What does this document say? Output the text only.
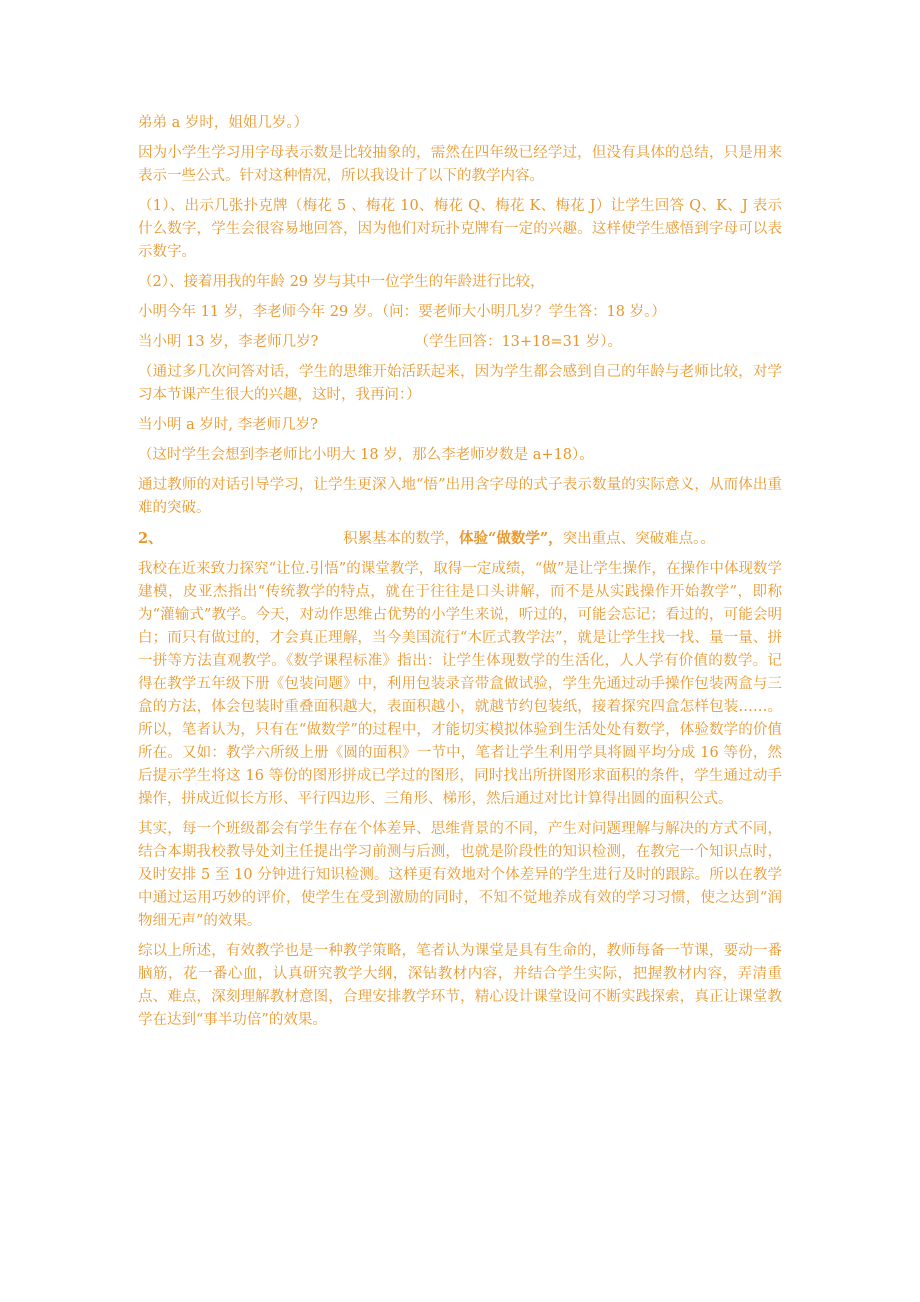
弟弟 a 岁时，姐姐几岁。）

因为小学生学习用字母表示数是比较抽象的，需然在四年级已经学过，但没有具体的总结，只是用来表示一些公式。针对这种情况，所以我设计了以下的教学内容。

（1）、出示几张扑克牌（梅花 5 、梅花 10、梅花 Q、梅花 K、梅花 J）让学生回答 Q、K、J 表示什么数字，学生会很容易地回答，因为他们对玩扑克牌有一定的兴趣。这样使学生感悟到字母可以表示数字。

（2）、接着用我的年龄 29 岁与其中一位学生的年龄进行比较，

小明今年 11 岁，李老师今年 29 岁。（问：要老师大小明几岁？学生答：18 岁。）

当小明 13 岁，李老师几岁?	（学生回答：13+18=31 岁）。

（通过多几次问答对话，学生的思维开始活跃起来，因为学生都会感到自己的年龄与老师比较，对学习本节课产生很大的兴趣，这时，我再问：）

当小明 a 岁时, 李老师几岁?

（这时学生会想到李老师比小明大 18 岁，那么李老师岁数是 a+18）。

通过教师的对话引导学习，让学生更深入地“悟”出用含字母的式子表示数量的实际意义，从而体出重难的突破。

2、	积累基本的数学，体验“做数学”，突出重点、突破难点。。

我校在近来致力探究“让位.引悟”的课堂教学，取得一定成绩，“做”是让学生操作，在操作中体现数学建模，皮亚杰指出“传统教学的特点，就在于往往是口头讲解，而不是从实践操作开始教学”，即称为“灌输式”教学。今天，对动作思维占优势的小学生来说，听过的，可能会忘记；看过的，可能会明白；而只有做过的，才会真正理解，当今美国流行“木匠式教学法”，就是让学生找一找、量一量、拼一拼等方法直观教学。《数学课程标准》指出：让学生体现数学的生活化，人人学有价值的数学。记得在教学五年级下册《包装问题》中，利用包装录音带盒做试验，学生先通过动手操作包装两盒与三盒的方法，体会包装时重叠面积越大，表面积越小，就越节约包装纸，接着探究四盒怎样包装……。所以，笔者认为，只有在“做数学”的过程中，才能切实模拟体验到生活处处有数学，体验数学的价值所在。又如：教学六所级上册《圆的面积》一节中，笔者让学生利用学具将圆平均分成 16 等份，然后提示学生将这 16 等份的图形拼成已学过的图形，同时找出所拼图形求面积的条件，学生通过动手操作，拼成近似长方形、平行四边形、三角形、梯形，然后通过对比计算得出圆的面积公式。

其实，每一个班级都会有学生存在个体差异、思维背景的不同，产生对问题理解与解决的方式不同，结合本期我校教导处刘主任提出学习前测与后测，也就是阶段性的知识检测，在教完一个知识点时，及时安排 5 至 10 分钟进行知识检测。这样更有效地对个体差异的学生进行及时的跟踪。所以在教学中通过运用巧妙的评价，使学生在受到激励的同时，不知不觉地养成有效的学习习惯，使之达到“润物细无声”的效果。

综以上所述，有效教学也是一种教学策略，笔者认为课堂是具有生命的，教师每备一节课，要动一番脑筋，花一番心血，认真研究教学大纲，深钻教材内容，并结合学生实际，把握教材内容，弄清重点、难点，深刻理解教材意图，合理安排教学环节，精心设计课堂设问不断实践探索，真正让课堂教学在达到“事半功倍”的效果。
